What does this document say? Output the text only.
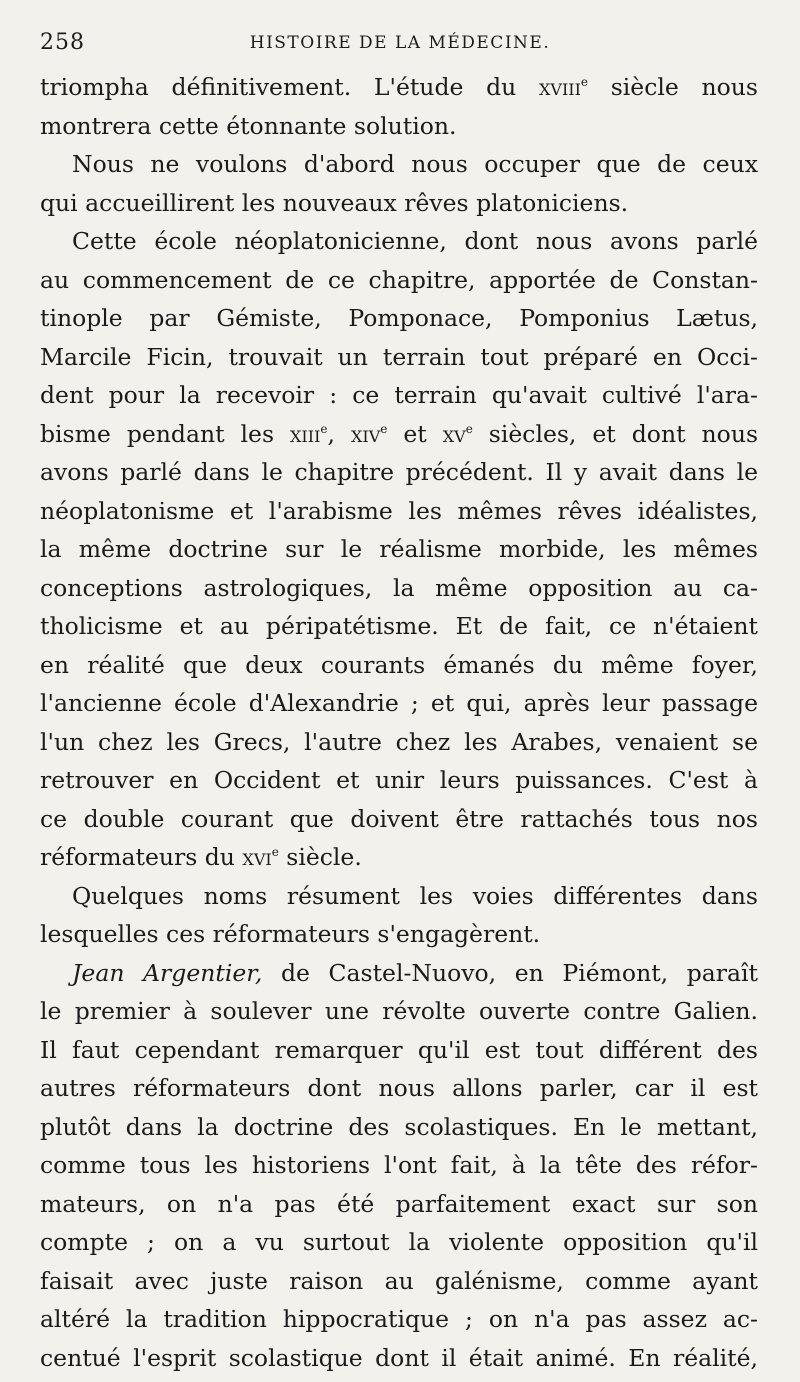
258	HISTOIRE DE LA MÉDECINE.
triompha définitivement. L'étude du xviii$^e$ siècle nous
montrera cette étonnante solution.
Nous ne voulons d'abord nous occuper que de ceux
qui accueillirent les nouveaux rêves platoniciens.
Cette école néoplatonicienne, dont nous avons parlé
au commencement de ce chapitre, apportée de Constan-
tinople par Gémiste, Pomponace, Pomponius Lætus,
Marcile Ficin, trouvait un terrain tout préparé en Occi-
dent pour la recevoir : ce terrain qu'avait cultivé l'ara-
bisme pendant les xiii$^e$, xiv$^e$ et $xv^e$ siècles, et dont nous
avons parlé dans le chapitre précédent. Il y avait dans le
néoplatonisme et l'arabisme les mêmes rêves idéalistes,
la même doctrine sur le réalisme morbide, les mêmes
conceptions astrologiques, la même opposition au ca-
tholicisme et au péripatétisme. Et de fait, ce n'étaient
en réalité que deux courants émanés du même foyer,
l'ancienne école d'Alexandrie ; et qui, après leur passage
l'un chez les Grecs, l'autre chez les Arabes, venaient se
retrouver en Occident et unir leurs puissances. C'est à
ce double courant que doivent être rattachés tous nos
réformateurs du xvi$^e$ siècle.
Quelques noms résument les voies différentes dans
lesquelles ces réformateurs s'engagèrent.
Jean Argentier, de Castel-Nuovo, en Piémont, paraît
le premier à soulever une révolte ouverte contre Galien.
Il faut cependant remarquer qu'il est tout différent des
autres réformateurs dont nous allons parler, car il est
plutôt dans la doctrine des scolastiques. En le mettant,
comme tous les historiens l'ont fait, à la tête des réfor-
mateurs, on n'a pas été parfaitement exact sur son
compte ; on a vu surtout la violente opposition qu'il
faisait avec juste raison au galénisme, comme ayant
altéré la tradition hippocratique ; on n'a pas assez ac-
centué l'esprit scolastique dont il était animé. En réalité,
